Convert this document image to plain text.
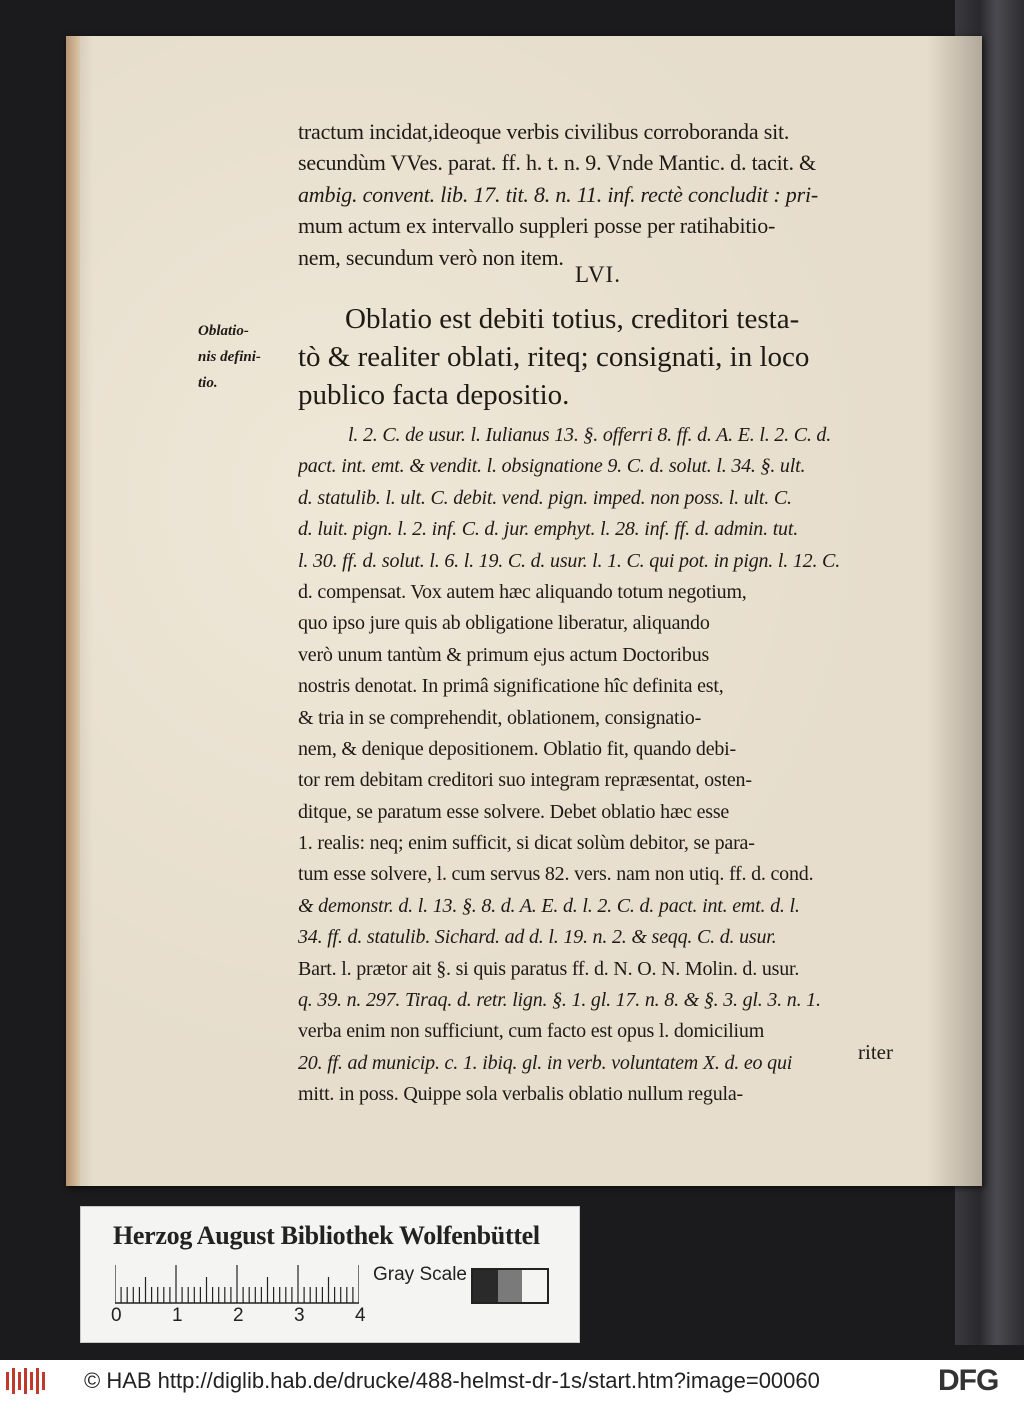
tractum incidat,ideoque verbis civilibus corroboranda sit.
secundùm VVes. parat. ff. h. t. n. 9. Vnde Mantic. d. tacit. &
ambig. convent. lib. 17. tit. 8. n. 11. inf. rectè concludit : pri-
mum actum ex intervallo suppleri posse per ratihabitio-
nem, secundum verò non item.
LVI.
Oblatio-
nis defini-
tio.
Oblatio est debiti totius, creditori testa-
tò & realiter oblati, riteq; consignati, in loco
publico facta depositio.
l. 2. C. de usur. l. Iulianus 13. §. offerri 8. ff. d. A. E. l. 2. C. d.
pact. int. emt. & vendit. l. obsignatione 9. C. d. solut. l. 34. §. ult.
d. statulib. l. ult. C. debit. vend. pign. imped. non poss. l. ult. C.
d. luit. pign. l. 2. inf. C. d. jur. emphyt. l. 28. inf. ff. d. admin. tut.
l. 30. ff. d. solut. l. 6. l. 19. C. d. usur. l. 1. C. qui pot. in pign. l. 12. C.
d. compensat. Vox autem hæc aliquando totum negotium,
quo ipso jure quis ab obligatione liberatur, aliquando
verò unum tantùm & primum ejus actum Doctoribus
nostris denotat. In primâ significatione hîc definita est,
& tria in se comprehendit, oblationem, consignatio-
nem, & denique depositionem. Oblatio fit, quando debi-
tor rem debitam creditori suo integram repræsentat, osten-
ditque, se paratum esse solvere. Debet oblatio hæc esse
1. realis: neq; enim sufficit, si dicat solùm debitor, se para-
tum esse solvere, l. cum servus 82. vers. nam non utiq. ff. d. cond.
& demonstr. d. l. 13. §. 8. d. A. E. d. l. 2. C. d. pact. int. emt. d. l.
34. ff. d. statulib. Sichard. ad d. l. 19. n. 2. & seqq. C. d. usur.
Bart. l. prætor ait §. si quis paratus ff. d. N. O. N. Molin. d. usur.
q. 39. n. 297. Tiraq. d. retr. lign. §. 1. gl. 17. n. 8. & §. 3. gl. 3. n. 1.
verba enim non sufficiunt, cum facto est opus l. domicilium
20. ff. ad municip. c. 1. ibiq. gl. in verb. voluntatem X. d. eo qui
mitt. in poss. Quippe sola verbalis oblatio nullum regula-
riter
Herzog August Bibliothek Wolfenbüttel
0	1	2	3	4
Gray Scale
© HAB http://diglib.hab.de/drucke/488-helmst-dr-1s/start.htm?image=00060	DFG
